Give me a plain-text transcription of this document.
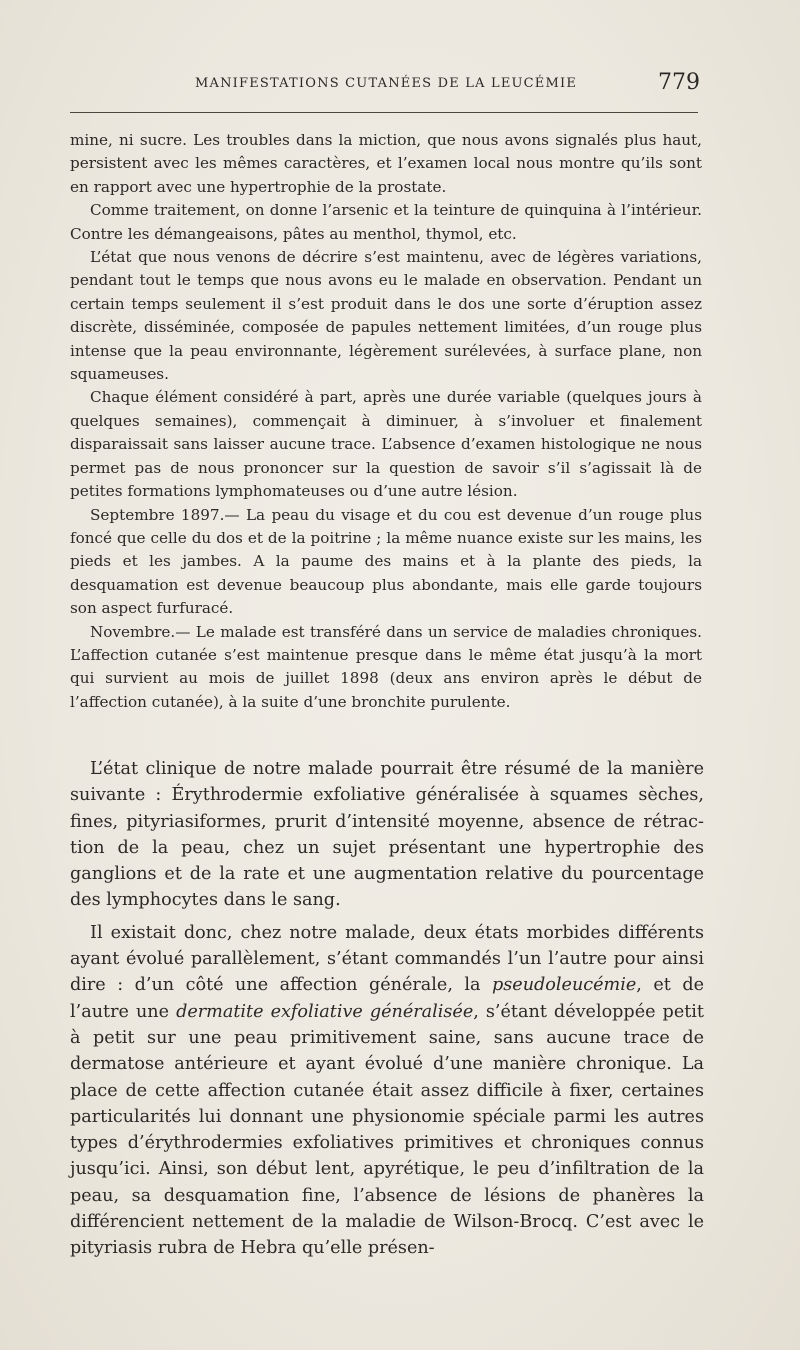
MANIFESTATIONS CUTANÉES DE LA LEUCÉMIE	779

mine, ni sucre. Les troubles dans la miction, que nous avons signalés plus haut, persistent avec les mêmes caractères, et l’examen local nous montre qu’ils sont en rapport avec une hypertrophie de la prostate.

Comme traitement, on donne l’arsenic et la teinture de quinquina à l’intérieur. Contre les démangeaisons, pâtes au menthol, thymol, etc.

L’état que nous venons de décrire s’est maintenu, avec de légères variations, pendant tout le temps que nous avons eu le malade en observation. Pendant un certain temps seulement il s’est produit dans le dos une sorte d’éruption assez discrète, disséminée, composée de papules nettement limitées, d’un rouge plus intense que la peau environnante, légèrement surélevées, à surface plane, non squameuses.

Chaque élément considéré à part, après une durée variable (quelques jours à quelques semaines), commençait à diminuer, à s’involuer et finalement disparaissait sans laisser aucune trace. L’absence d’examen histologique ne nous permet pas de nous prononcer sur la question de savoir s’il s’agissait là de petites formations lymphomateuses ou d’une autre lésion.

Septembre 1897.— La peau du visage et du cou est devenue d’un rouge plus foncé que celle du dos et de la poitrine ; la même nuance existe sur les mains, les pieds et les jambes. A la paume des mains et à la plante des pieds, la desquamation est devenue beaucoup plus abondante, mais elle garde toujours son aspect furfuracé.

Novembre.— Le malade est transféré dans un service de maladies chroniques. L’affection cutanée s’est maintenue presque dans le même état jusqu’à la mort qui survient au mois de juillet 1898 (deux ans environ après le début de l’affection cutanée), à la suite d’une bronchite purulente.

L’état clinique de notre malade pourrait être résumé de la manière suivante : Érythrodermie exfoliative généralisée à squames sèches, fines, pityriasiformes, prurit d’intensité moyenne, absence de rétraction de la peau, chez un sujet présentant une hypertrophie des ganglions et de la rate et une augmentation relative du pourcentage des lymphocytes dans le sang.

Il existait donc, chez notre malade, deux états morbides différents ayant évolué parallèlement, s’étant commandés l’un l’autre pour ainsi dire : d’un côté une affection générale, la pseudoleucémie, et de l’autre une dermatite exfoliative généralisée, s’étant développée petit à petit sur une peau primitivement saine, sans aucune trace de dermatose antérieure et ayant évolué d’une manière chronique. La place de cette affection cutanée était assez difficile à fixer, certaines particularités lui donnant une physionomie spéciale parmi les autres types d’érythrodermies exfoliatives primitives et chroniques connus jusqu’ici. Ainsi, son début lent, apyrétique, le peu d’infiltration de la peau, sa desquamation fine, l’absence de lésions de phanères la différencient nettement de la maladie de Wilson-Brocq. C’est avec le pityriasis rubra de Hebra qu’elle présen-
